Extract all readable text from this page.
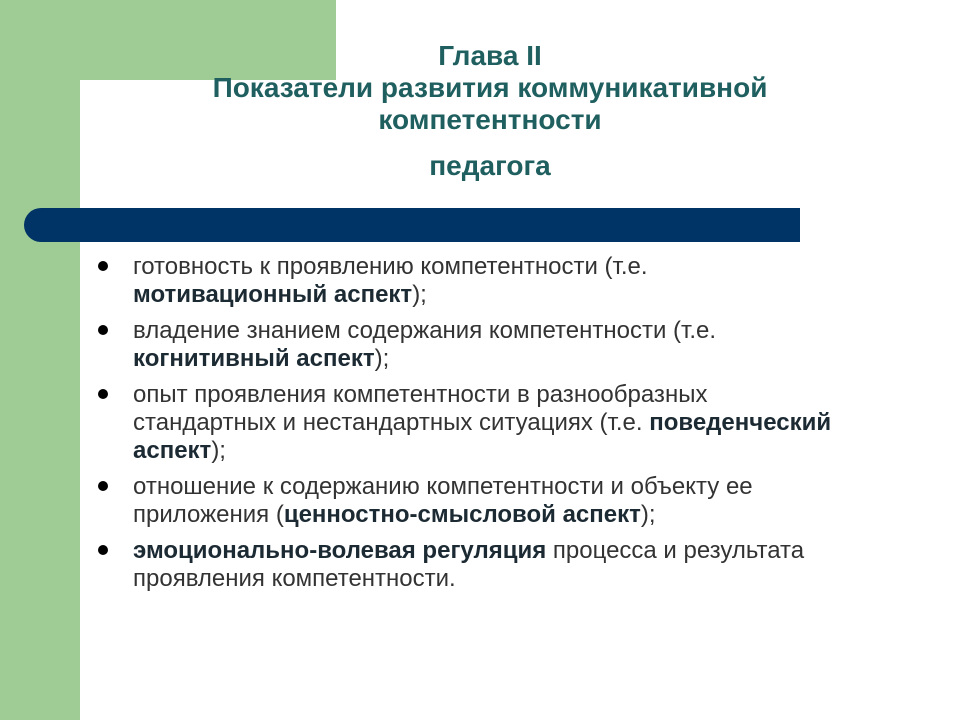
Глава II
Показатели развития коммуникативной
компетентности
педагога
готовность к проявлению компетентности (т.е. мотивационный аспект);
владение знанием содержания компетентности (т.е. когнитивный аспект);
опыт проявления компетентности в разнообразных стандартных и нестандартных ситуациях (т.е. поведенческий аспект);
отношение к содержанию компетентности и объекту ее приложения (ценностно-смысловой аспект);
эмоционально-волевая регуляция процесса и результата проявления компетентности.
